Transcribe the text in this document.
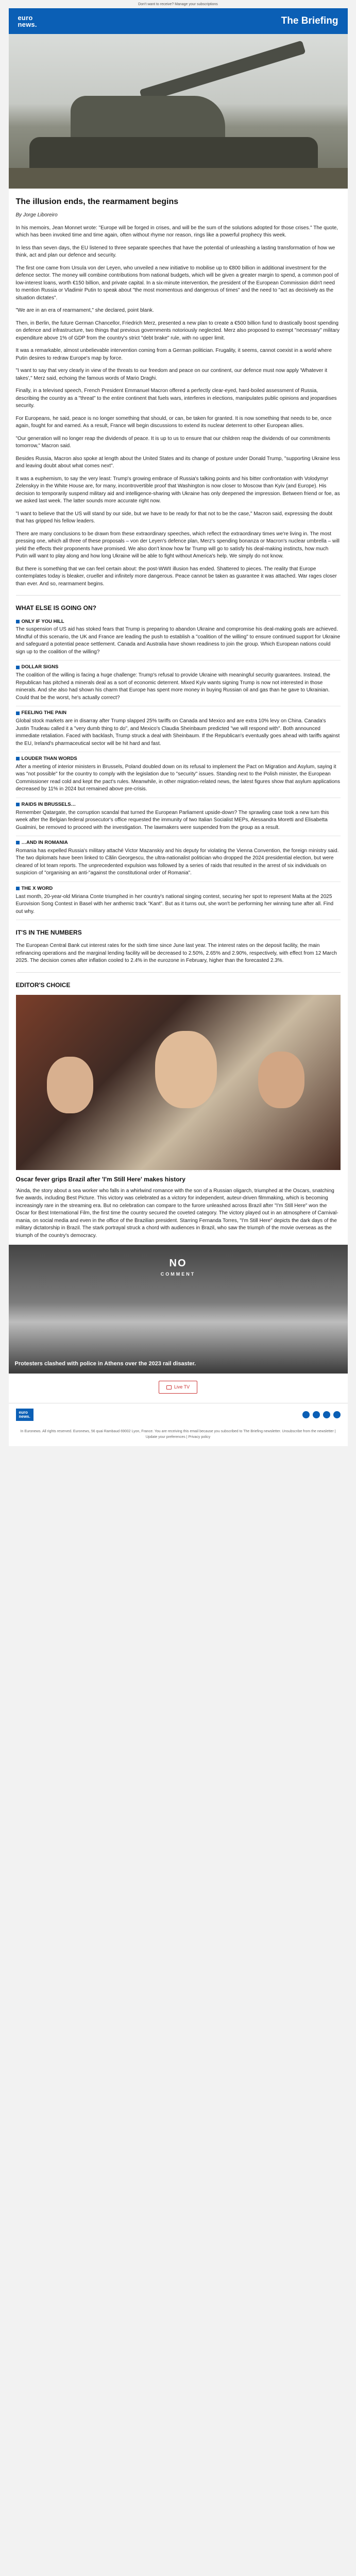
Don't want to receive? Manage your subscriptions
euro
news.	The Briefing
The illusion ends, the rearmament begins

By Jorge Liboreiro

In his memoirs, Jean Monnet wrote: "Europe will be forged in crises, and will be the sum of the solutions adopted for those crises." The quote, which has been invoked time and time again, often without rhyme nor reason, rings like a powerful prophecy this week.

In less than seven days, the EU listened to three separate speeches that have the potential of unleashing a lasting transformation of how we think, act and plan our defence and security.

The first one came from Ursula von der Leyen, who unveiled a new initiative to mobilise up to €800 billion in additional investment for the defence sector. The money will combine contributions from national budgets, which will be given a greater margin to spend, a common pool of low-interest loans, worth €150 billion, and private capital. In a six-minute intervention, the president of the European Commission didn't need to mention Russia or Vladimir Putin to speak about "the most momentous and dangerous of times" and the need to "act as decisively as the situation dictates".

"We are in an era of rearmament," she declared, point blank.

Then, in Berlin, the future German Chancellor, Friedrich Merz, presented a new plan to create a €500 billion fund to drastically boost spending on defence and infrastructure, two things that previous governments notoriously neglected. Merz also proposed to exempt "necessary" military expenditure above 1% of GDP from the country's strict "debt brake" rule, with no upper limit.

It was a remarkable, almost unbelievable intervention coming from a German politician. Frugality, it seems, cannot coexist in a world where Putin desires to redraw Europe's map by force.

"I want to say that very clearly in view of the threats to our freedom and peace on our continent, our defence must now apply 'Whatever it takes'," Merz said, echoing the famous words of Mario Draghi.

Finally, in a televised speech, French President Emmanuel Macron offered a perfectly clear-eyed, hard-boiled assessment of Russia, describing the country as a "threat" to the entire continent that fuels wars, interferes in elections, manipulates public opinions and jeopardises security.

For Europeans, he said, peace is no longer something that should, or can, be taken for granted. It is now something that needs to be, once again, fought for and earned. As a result, France will begin discussions to extend its nuclear deterrent to other European allies.

"Our generation will no longer reap the dividends of peace. It is up to us to ensure that our children reap the dividends of our commitments tomorrow," Macron said.

Besides Russia, Macron also spoke at length about the United States and its change of posture under Donald Trump, "supporting Ukraine less and leaving doubt about what comes next".

It was a euphemism, to say the very least: Trump's growing embrace of Russia's talking points and his bitter confrontation with Volodymyr Zelenskyy in the White House are, for many, incontrovertible proof that Washington is now closer to Moscow than Kyiv (and Europe). His decision to temporarily suspend military aid and intelligence-sharing with Ukraine has only deepened the impression. Between friend or foe, as we asked last week. The latter sounds more accurate right now.

"I want to believe that the US will stand by our side, but we have to be ready for that not to be the case," Macron said, expressing the doubt that has gripped his fellow leaders.

There are many conclusions to be drawn from these extraordinary speeches, which reflect the extraordinary times we're living in. The most pressing one, which all three of these proposals – von der Leyen's defence plan, Merz's spending bonanza or Macron's nuclear umbrella – will yield the effects their proponents have promised. We also don't know how far Trump will go to satisfy his deal-making instincts, how much Putin will want to play along and how long Ukraine will be able to fight without America's help. We simply do not know.

But there is something that we can feel certain about: the post-WWII illusion has ended. Shattered to pieces. The reality that Europe contemplates today is bleaker, crueller and infinitely more dangerous. Peace cannot be taken as guarantee it was attached. War rages closer than ever. And so, rearmament begins.

WHAT ELSE IS GOING ON?
ONLY IF YOU HILL

The suspension of US aid has stoked fears that Trump is preparing to abandon Ukraine and compromise his deal-making goals are achieved. Mindful of this scenario, the UK and France are leading the push to establish a "coalition of the willing" to ensure continued support for Ukraine and safeguard a potential peace settlement. Canada and Australia have shown readiness to join the group. Which European nations could sign up to the coalition of the willing?

DOLLAR SIGNS

The coalition of the willing is facing a huge challenge: Trump's refusal to provide Ukraine with meaningful security guarantees. Instead, the Republican has pitched a minerals deal as a sort of economic deterrent. Mixed Kyiv wants signing Trump is now not interested in those minerals. And she also had shown his charm that Europe has spent more money in buying Russian oil and gas than he gave to Ukrainian. Could that be the worst, he's actually correct?

FEELING THE PAIN

Global stock markets are in disarray after Trump slapped 25% tariffs on Canada and Mexico and are extra 10% levy on China. Canada's Justin Trudeau called it a "very dumb thing to do", and Mexico's Claudia Sheinbaum predicted "we will respond with". Both announced immediate retaliation. Faced with backlash, Trump struck a deal with Sheinbaum. If the Republican's eventually goes ahead with tariffs against the EU, Ireland's pharmaceutical sector will be hit hard and fast.

LOUDER THAN WORDS

After a meeting of interior ministers in Brussels, Poland doubled down on its refusal to implement the Pact on Migration and Asylum, saying it was "not possible" for the country to comply with the legislation due to "security" issues. Standing next to the Polish minister, the European Commissioner read cold and kept the pact's rules. Meanwhile, in other migration-related news, the latest figures show that asylum applications decreased by 11% in 2024 but remained above pre-crisis.

RAIDS IN BRUSSELS…

Remember Qatargate, the corruption scandal that turned the European Parliament upside-down? The sprawling case took a new turn this week after the Belgian federal prosecutor's office requested the immunity of two Italian Socialist MEPs, Alessandra Moretti and Elisabetta Gualmini, be removed to proceed with the investigation. The lawmakers were suspended from the group as a result.

…AND IN ROMANIA

Romania has expelled Russia's military attaché Victor Mazanskiy and his deputy for violating the Vienna Convention, the foreign ministry said. The two diplomats have been linked to Călin Georgescu, the ultra-nationalist politician who dropped the 2024 presidential election, but were cleared of lot team reports. The unprecedented expulsion was followed by a series of raids that resulted in the arrest of six individuals on suspicion of "organising an anti-"against the constitutional order of Romania".

THE X WORD

Last month, 20-year-old Miriana Conte triumphed in her country's national singing contest, securing her spot to represent Malta at the 2025 Eurovision Song Contest in Basel with her anthemic track "Kant". But as it turns out, she won't be performing her winning tune after all. Find out why.

IT'S IN THE NUMBERS

The European Central Bank cut interest rates for the sixth time since June last year. The interest rates on the deposit facility, the main refinancing operations and the marginal lending facility will be decreased to 2.50%, 2.65% and 2.90%, respectively, with effect from 12 March 2025. The decision comes after inflation cooled to 2.4% in the eurozone in February, higher than the forecasted 2.3%.

EDITOR'S CHOICE
Oscar fever grips Brazil after 'I'm Still Here' makes history

'Ainda, the story about a sea worker who falls in a whirlwind romance with the son of a Russian oligarch, triumphed at the Oscars, snatching five awards, including Best Picture. This victory was celebrated as a victory for independent, auteur-driven filmmaking, which is becoming increasingly rare in the streaming era. But no celebration can compare to the furore unleashed across Brazil after "I'm Still Here" won the Oscar for Best International Film, the first time the country secured the coveted category. The victory played out in an atmosphere of Carnival-mania, on social media and even in the office of the Brazilian president. Starring Fernanda Torres, "I'm Still Here" depicts the dark days of the military dictatorship in Brazil. The stark portrayal struck a chord with audiences in Brazil, who saw the triumph of the movie overseas as the triumph of the country's democracy.

NO
COMMENT
Protesters clashed with police in Athens over the 2023 rail disaster.
Live TV
euro
news.
In Euronews. All rights reserved. Euronews, 56 quai Rambaud 69002 Lyon, France. You are receiving this email because you subscribed to The Briefing newsletter. Unsubscribe from the newsletter | Update your preferences | Privacy policy
